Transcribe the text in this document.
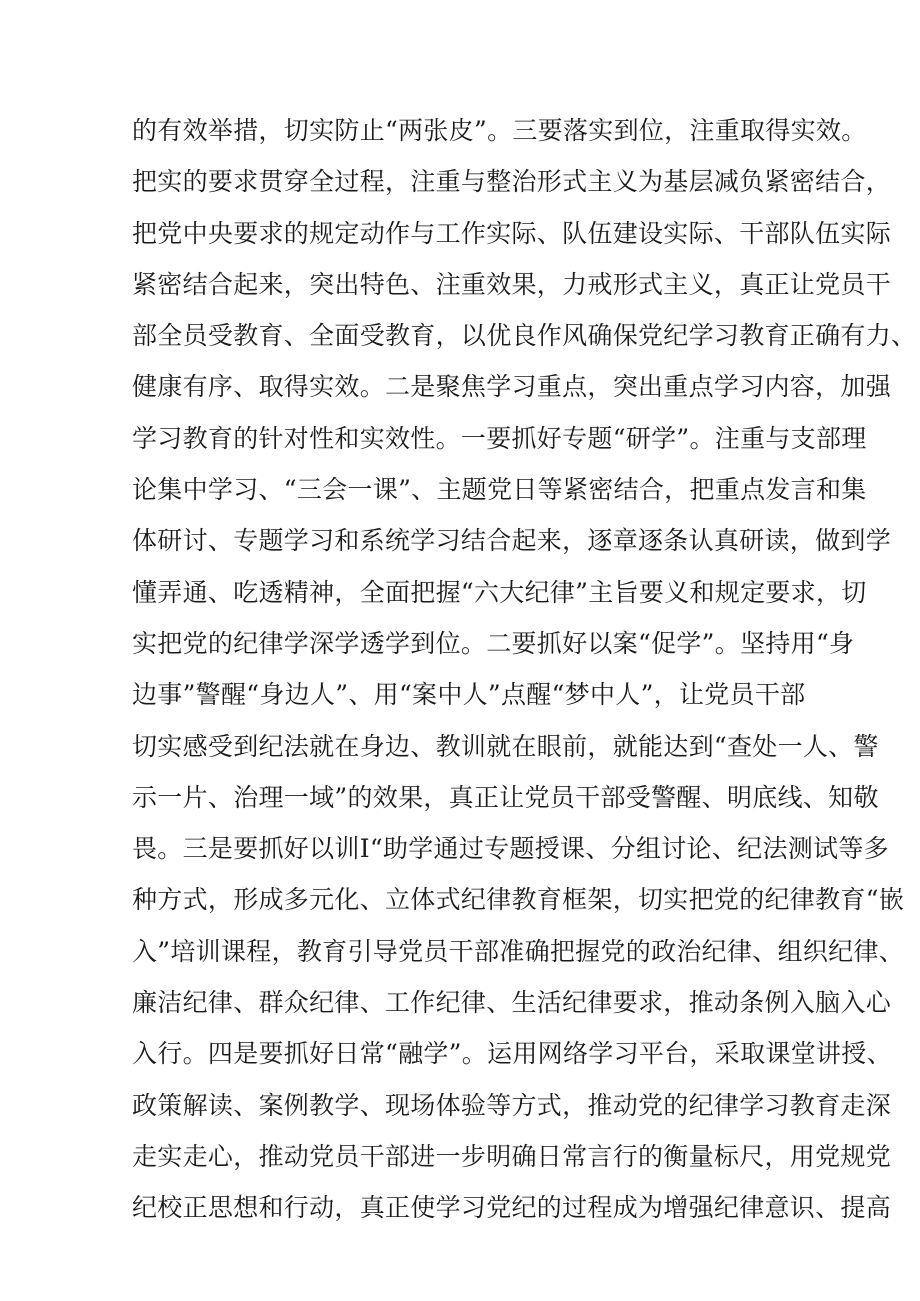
的有效举措，切实防止“两张皮”。三要落实到位，注重取得实效。
把实的要求贯穿全过程，注重与整治形式主义为基层减负紧密结合，
把党中央要求的规定动作与工作实际、队伍建设实际、干部队伍实际
紧密结合起来，突出特色、注重效果，力戒形式主义，真正让党员干
部全员受教育、全面受教育，以优良作风确保党纪学习教育正确有力、
健康有序、取得实效。二是聚焦学习重点，突出重点学习内容，加强
学习教育的针对性和实效性。一要抓好专题“研学”。注重与支部理
论集中学习、“三会一课”、主题党日等紧密结合，把重点发言和集
体研讨、专题学习和系统学习结合起来，逐章逐条认真研读，做到学
懂弄通、吃透精神，全面把握“六大纪律”主旨要义和规定要求，切
实把党的纪律学深学透学到位。二要抓好以案“促学”。坚持用“身
边事”警醒“身边人”、用“案中人”点醒“梦中人”，让党员干部
切实感受到纪法就在身边、教训就在眼前，就能达到“查处一人、警
示一片、治理一域”的效果，真正让党员干部受警醒、明底线、知敬
畏。三是要抓好以训I“助学通过专题授课、分组讨论、纪法测试等多
种方式，形成多元化、立体式纪律教育框架，切实把党的纪律教育“嵌
入”培训课程，教育引导党员干部准确把握党的政治纪律、组织纪律、
廉洁纪律、群众纪律、工作纪律、生活纪律要求，推动条例入脑入心
入行。四是要抓好日常“融学”。运用网络学习平台，采取课堂讲授、
政策解读、案例教学、现场体验等方式，推动党的纪律学习教育走深
走实走心，推动党员干部进一步明确日常言行的衡量标尺，用党规党
纪校正思想和行动，真正使学习党纪的过程成为增强纪律意识、提高
